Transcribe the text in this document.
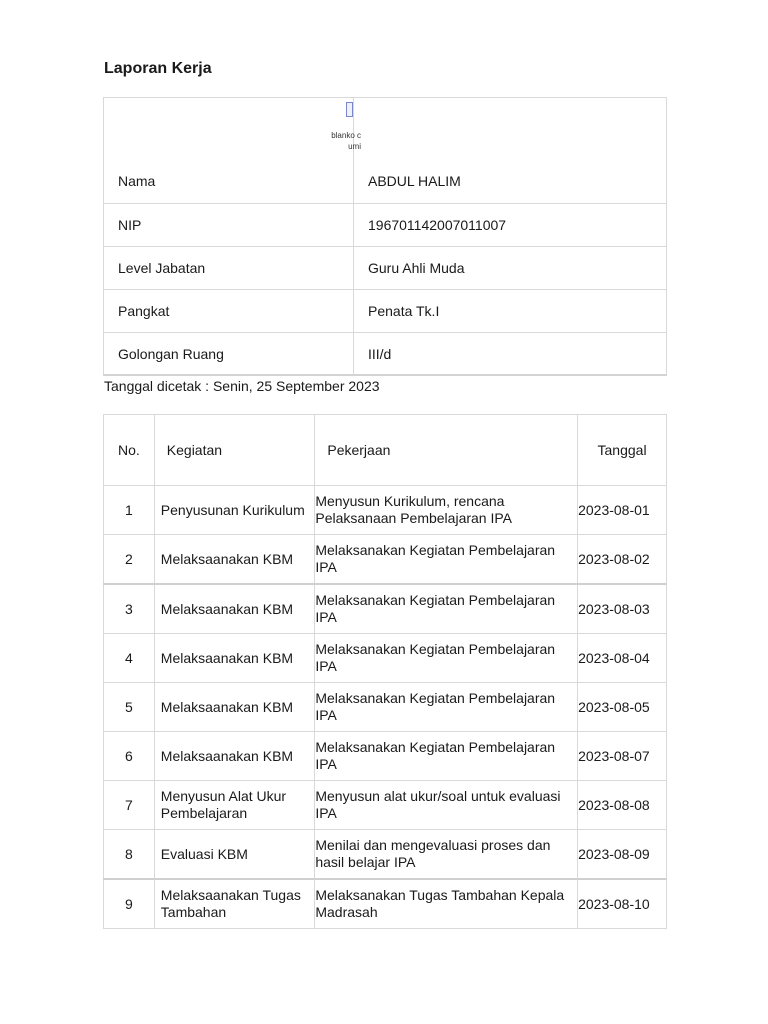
Laporan Kerja
blanko c
umi
Nama	ABDUL HALIM
NIP	196701142007011007
Level Jabatan	Guru Ahli Muda
Pangkat	Penata Tk.I
Golongan Ruang	III/d
Tanggal dicetak : Senin, 25 September 2023
No.	Kegiatan	Pekerjaan	Tanggal
1	Penyusunan Kurikulum	Menyusun Kurikulum, rencana Pelaksanaan Pembelajaran IPA	2023-08-01
2	Melaksaanakan KBM	Melaksanakan Kegiatan Pembelajaran IPA	2023-08-02
3	Melaksaanakan KBM	Melaksanakan Kegiatan Pembelajaran IPA	2023-08-03
4	Melaksaanakan KBM	Melaksanakan Kegiatan Pembelajaran IPA	2023-08-04
5	Melaksaanakan KBM	Melaksanakan Kegiatan Pembelajaran IPA	2023-08-05
6	Melaksaanakan KBM	Melaksanakan Kegiatan Pembelajaran IPA	2023-08-07
7	Menyusun Alat Ukur Pembelajaran	Menyusun alat ukur/soal untuk evaluasi IPA	2023-08-08
8	Evaluasi KBM	Menilai dan mengevaluasi proses dan hasil belajar IPA	2023-08-09
9	Melaksaanakan Tugas Tambahan	Melaksanakan Tugas Tambahan Kepala Madrasah	2023-08-10
